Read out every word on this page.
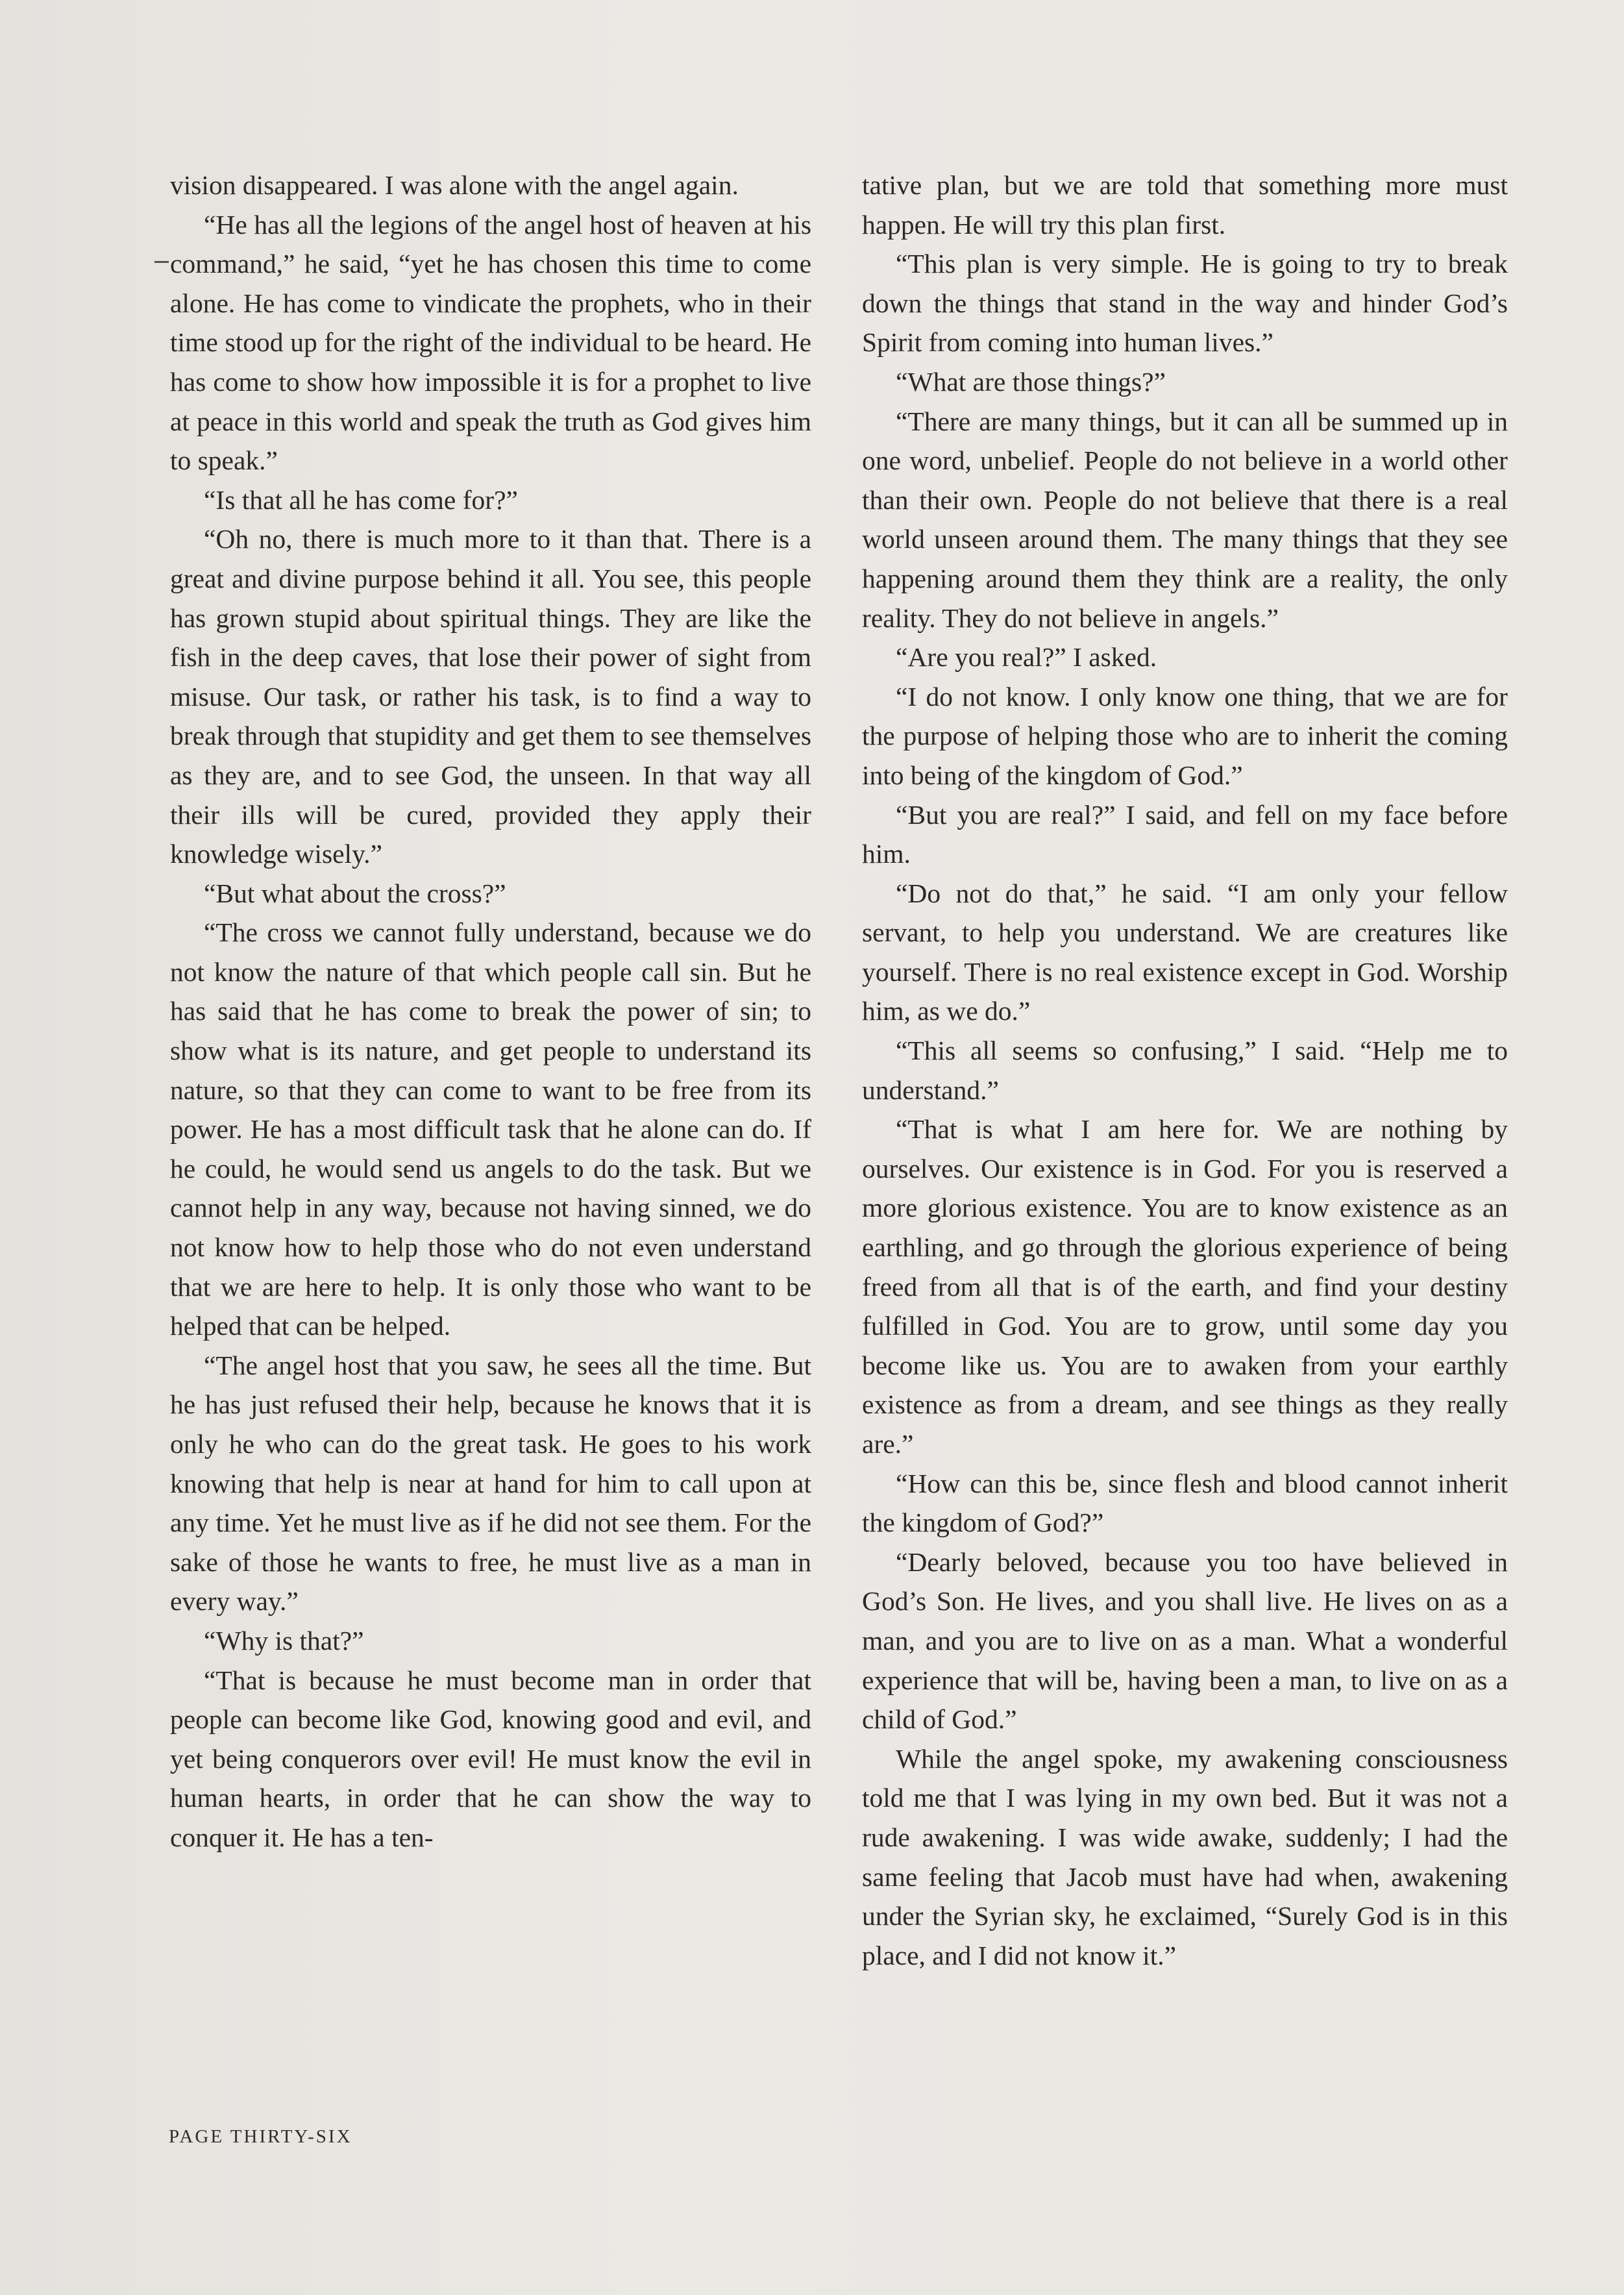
vision disappeared. I was alone with the angel again.

“He has all the legions of the angel host of heaven at his command,” he said, “yet he has chosen this time to come alone. He has come to vindicate the prophets, who in their time stood up for the right of the individual to be heard. He has come to show how impossible it is for a prophet to live at peace in this world and speak the truth as God gives him to speak.”

“Is that all he has come for?”

“Oh no, there is much more to it than that. There is a great and divine purpose behind it all. You see, this people has grown stupid about spiritual things. They are like the fish in the deep caves, that lose their power of sight from misuse. Our task, or rather his task, is to find a way to break through that stupidity and get them to see themselves as they are, and to see God, the unseen. In that way all their ills will be cured, provided they apply their knowledge wisely.”

“But what about the cross?”

“The cross we cannot fully understand, because we do not know the nature of that which people call sin. But he has said that he has come to break the power of sin; to show what is its nature, and get people to understand its nature, so that they can come to want to be free from its power. He has a most difficult task that he alone can do. If he could, he would send us angels to do the task. But we cannot help in any way, because not having sinned, we do not know how to help those who do not even understand that we are here to help. It is only those who want to be helped that can be helped.

“The angel host that you saw, he sees all the time. But he has just refused their help, because he knows that it is only he who can do the great task. He goes to his work knowing that help is near at hand for him to call upon at any time. Yet he must live as if he did not see them. For the sake of those he wants to free, he must live as a man in every way.”

“Why is that?”

“That is because he must become man in order that people can become like God, knowing good and evil, and yet being conquerors over evil! He must know the evil in human hearts, in order that he can show the way to conquer it. He has a ten-

tative plan, but we are told that something more must happen. He will try this plan first.

“This plan is very simple. He is going to try to break down the things that stand in the way and hinder God’s Spirit from coming into human lives.”

“What are those things?”

“There are many things, but it can all be summed up in one word, unbelief. People do not believe in a world other than their own. People do not believe that there is a real world unseen around them. The many things that they see happening around them they think are a reality, the only reality. They do not believe in angels.”

“Are you real?” I asked.

“I do not know. I only know one thing, that we are for the purpose of helping those who are to inherit the coming into being of the kingdom of God.”

“But you are real?” I said, and fell on my face before him.

“Do not do that,” he said. “I am only your fellow servant, to help you understand. We are creatures like yourself. There is no real existence except in God. Worship him, as we do.”

“This all seems so confusing,” I said. “Help me to understand.”

“That is what I am here for. We are nothing by ourselves. Our existence is in God. For you is reserved a more glorious existence. You are to know existence as an earthling, and go through the glorious experience of being freed from all that is of the earth, and find your destiny fulfilled in God. You are to grow, until some day you become like us. You are to awaken from your earthly existence as from a dream, and see things as they really are.”

“How can this be, since flesh and blood cannot inherit the kingdom of God?”

“Dearly beloved, because you too have believed in God’s Son. He lives, and you shall live. He lives on as a man, and you are to live on as a man. What a wonderful experience that will be, having been a man, to live on as a child of God.”

While the angel spoke, my awakening consciousness told me that I was lying in my own bed. But it was not a rude awakening. I was wide awake, suddenly; I had the same feeling that Jacob must have had when, awakening under the Syrian sky, he exclaimed, “Surely God is in this place, and I did not know it.”

PAGE THIRTY-SIX
